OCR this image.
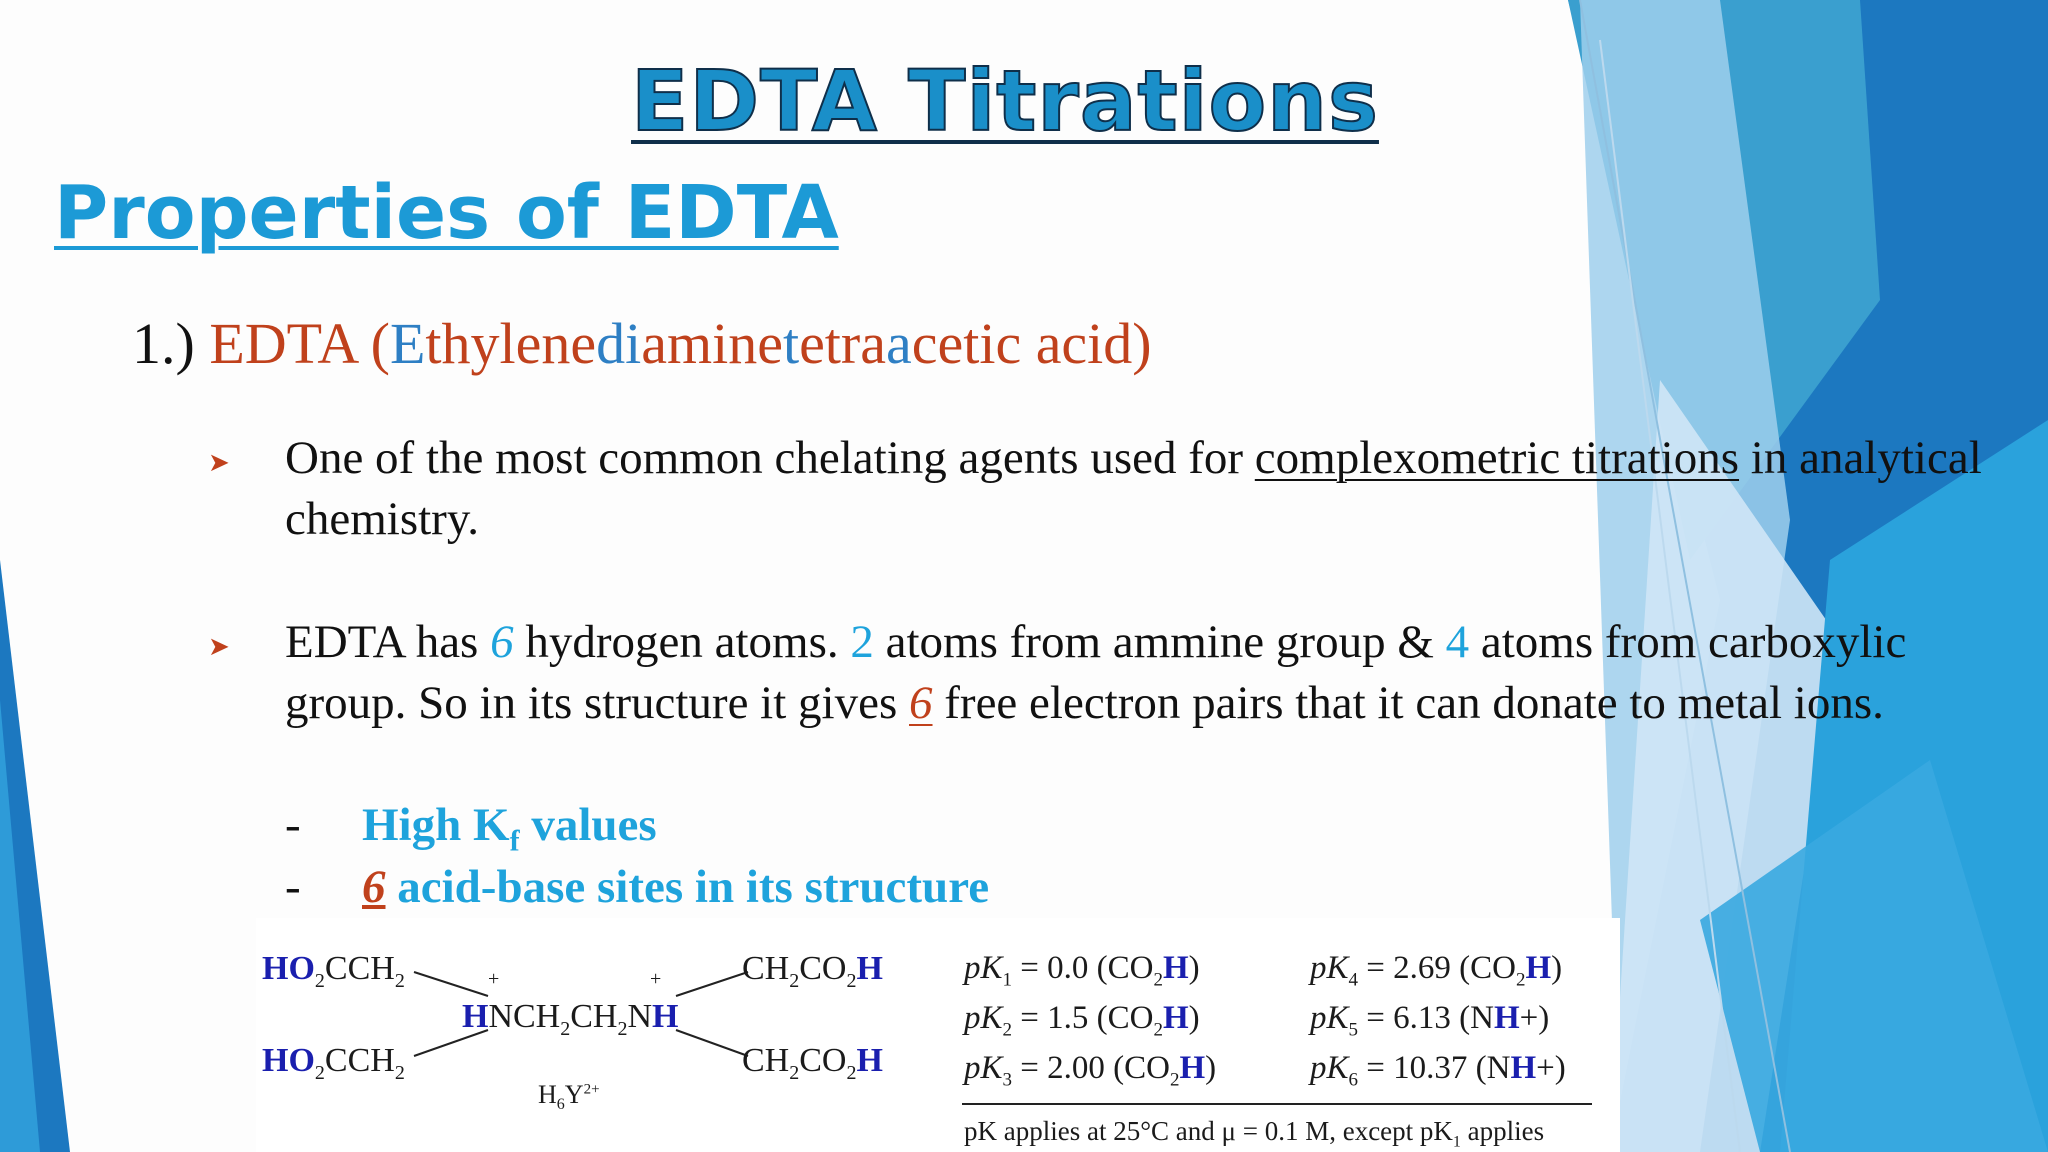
EDTA Titrations
Properties of EDTA
1.) EDTA (Ethylenediaminetetraacetic acid)
➤ One of the most common chelating agents used for complexometric titrations in analytical chemistry.
➤ EDTA has 6 hydrogen atoms. 2 atoms from ammine group & 4 atoms from carboxylic group. So in its structure it gives 6 free electron pairs that it can donate to metal ions.
- High $K_f$ values
- 6 acid-base sites in its structure
$HO_2CCH_2$
$HO_2CCH_2$
+	+
$HNCH_2CH_2NH$
$CH_2CO_2H$
$CH_2CO_2H$
$H_6Y^{2+}$
$pK_1 = 0.0$ $(CO_2H)$
$pK_2 = 1.5$ $(CO_2H)$
$pK_3 = 2.00$ $(CO_2H)$
$pK_4 = 2.69$ $(CO_2H)$
$pK_5 = 6.13$ (NH+)
$pK_6 = 10.37$ (NH+)
pK applies at 25°C and μ = 0.1 M, except $pK_1$ applies
